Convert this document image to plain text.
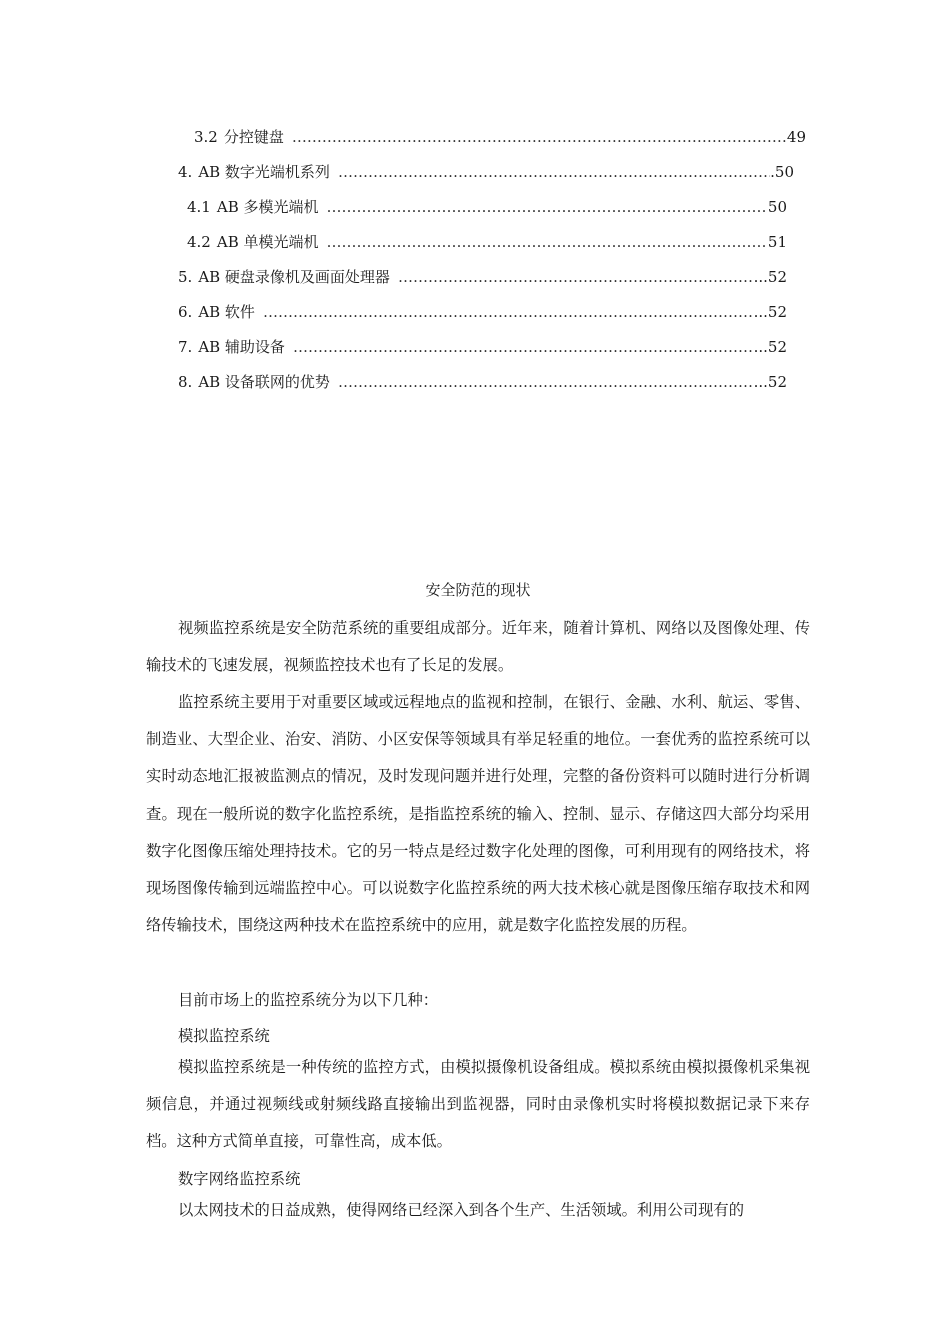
3.2 分控键盘 ……………………………………………………………………………………………………………………………………………………………………	49
4. AB 数字光端机系列 ……………………………………………………………………………………………………………………………………………………………………	.50
4.1 AB 多模光端机 ……………………………………………………………………………………………………………………………………………………………………	50
4.2 AB 单模光端机 ……………………………………………………………………………………………………………………………………………………………………	51
5. AB 硬盘录像机及画面处理器 ……………………………………………………………………………………………………………………………………………………………………	...52
6. AB 软件 ……………………………………………………………………………………………………………………………………………………………………	...52
7. AB 辅助设备 ……………………………………………………………………………………………………………………………………………………………………	...52
8. AB 设备联网的优势 ……………………………………………………………………………………………………………………………………………………………………	...52
安全防范的现状

视频监控系统是安全防范系统的重要组成部分。近年来，随着计算机、网络以及图像处理、传输技术的飞速发展，视频监控技术也有了长足的发展。

监控系统主要用于对重要区域或远程地点的监视和控制，在银行、金融、水利、航运、零售、制造业、大型企业、治安、消防、小区安保等领域具有举足轻重的地位。一套优秀的监控系统可以实时动态地汇报被监测点的情况，及时发现问题并进行处理，完整的备份资料可以随时进行分析调查。现在一般所说的数字化监控系统，是指监控系统的输入、控制、显示、存储这四大部分均采用数字化图像压缩处理持技术。它的另一特点是经过数字化处理的图像，可利用现有的网络技术，将现场图像传输到远端监控中心。可以说数字化监控系统的两大技术核心就是图像压缩存取技术和网络传输技术，围绕这两种技术在监控系统中的应用，就是数字化监控发展的历程。

目前市场上的监控系统分为以下几种：

模拟监控系统

模拟监控系统是一种传统的监控方式，由模拟摄像机设备组成。模拟系统由模拟摄像机采集视频信息，并通过视频线或射频线路直接输出到监视器，同时由录像机实时将模拟数据记录下来存档。这种方式简单直接，可靠性高，成本低。

数字网络监控系统

以太网技术的日益成熟，使得网络已经深入到各个生产、生活领域。利用公司现有的
